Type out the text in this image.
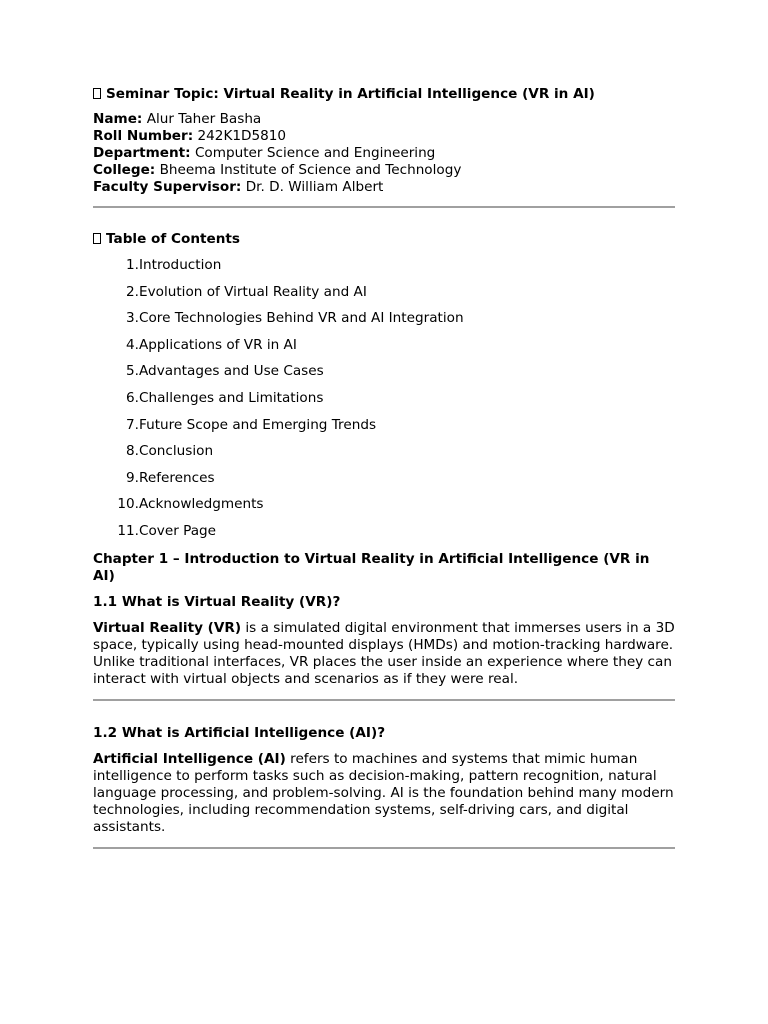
Seminar Topic: Virtual Reality in Artificial Intelligence (VR in AI)

Name: Alur Taher Basha

Roll Number: 242K1D5810

Department: Computer Science and Engineering

College: Bheema Institute of Science and Technology

Faculty Supervisor: Dr. D. William Albert

Table of Contents

1. Introduction
2. Evolution of Virtual Reality and AI
3. Core Technologies Behind VR and AI Integration
4. Applications of VR in AI
5. Advantages and Use Cases
6. Challenges and Limitations
7. Future Scope and Emerging Trends
8. Conclusion
9. References
10. Acknowledgments
11. Cover Page

Chapter 1 – Introduction to Virtual Reality in Artificial Intelligence (VR in AI)

1.1 What is Virtual Reality (VR)?

Virtual Reality (VR) is a simulated digital environment that immerses users in a 3D space, typically using head-mounted displays (HMDs) and motion-tracking hardware. Unlike traditional interfaces, VR places the user inside an experience where they can interact with virtual objects and scenarios as if they were real.

1.2 What is Artificial Intelligence (AI)?

Artificial Intelligence (AI) refers to machines and systems that mimic human intelligence to perform tasks such as decision-making, pattern recognition, natural language processing, and problem-solving. AI is the foundation behind many modern technologies, including recommendation systems, self-driving cars, and digital assistants.
